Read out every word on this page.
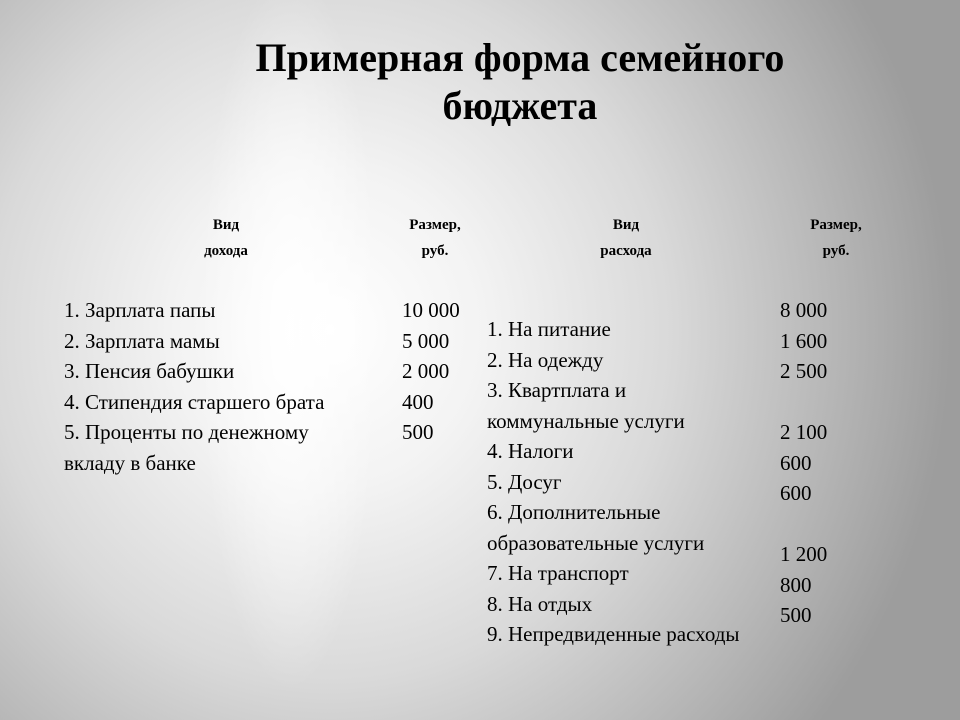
Примерная форма семейного бюджета
Вид
дохода
Размер,
руб.
Вид
расхода
Размер,
руб.
1. Зарплата папы
2. Зарплата мамы
3. Пенсия бабушки
4. Стипендия старшего брата
5. Проценты по денежному вкладу в банке
10 000
5 000
2 000
400
500
1. На питание
2. На одежду
3. Квартплата и коммунальные услуги
4. Налоги
5. Досуг
6. Дополнительные образовательные услуги
7. На транспорт
8. На отдых
9. Непредвиденные расходы
8 000
1 600
2 500
2 100
600
600
1 200
800
500
